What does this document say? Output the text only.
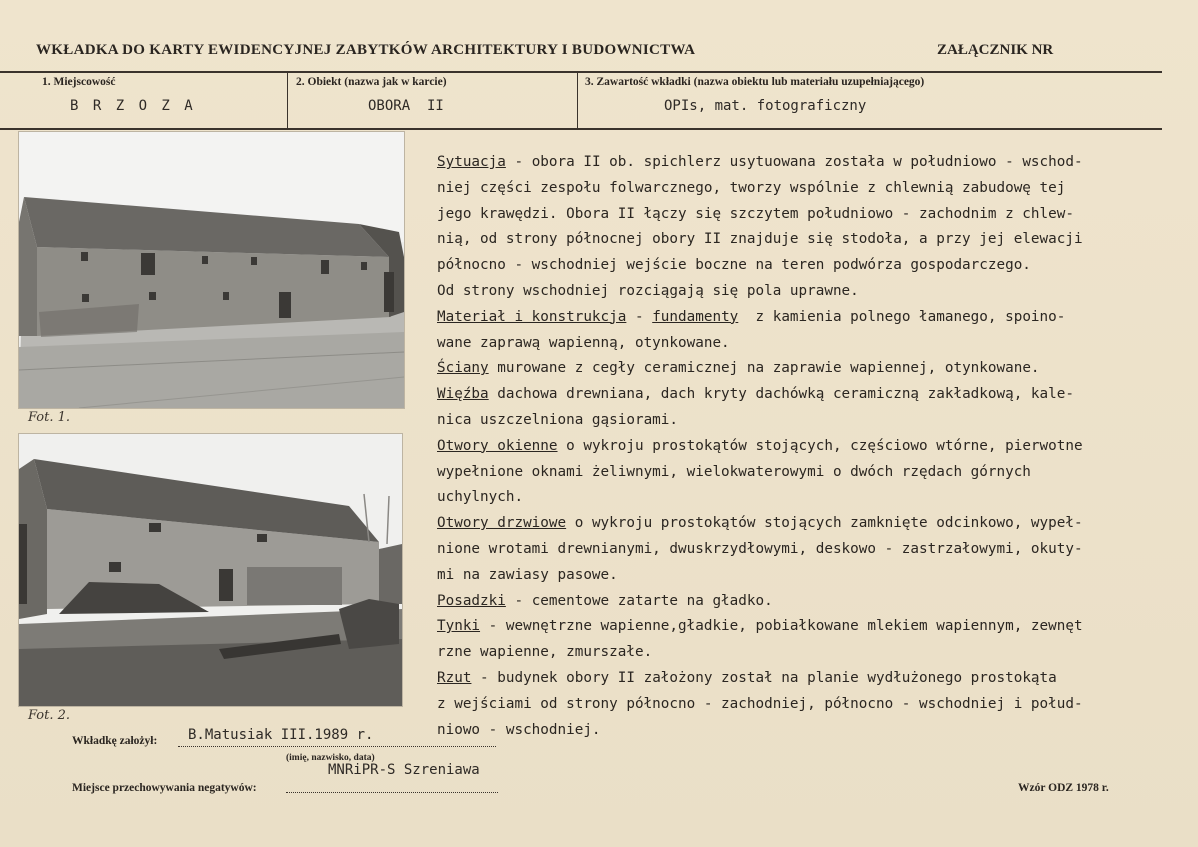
WKŁADKA DO KARTY EWIDENCYJNEJ ZABYTKÓW ARCHITEKTURY I BUDOWNICTWA	ZAŁĄCZNIK NR
1. Miejscowość
B R Z O Z A
2. Obiekt (nazwa jak w karcie)
OBORA  II
3. Zawartość wkładki (nazwa obiektu lub materiału uzupełniającego)
OPIs, mat. fotograficzny
Fot. 1.
Fot. 2.

Sytuacja - obora II ob. spichlerz usytuowana została w południowo - wschod-

niej części zespołu folwarcznego, tworzy wspólnie z chlewnią zabudowę tej

jego krawędzi. Obora II łączy się szczytem południowo - zachodnim z chlew-

nią, od strony północnej obory II znajduje się stodoła, a przy jej elewacji

północno - wschodniej wejście boczne na teren podwórza gospodarczego.

Od strony wschodniej rozciągają się pola uprawne.

Materiał i konstrukcja - fundamenty  z kamienia polnego łamanego, spoino-

wane zaprawą wapienną, otynkowane.

Ściany murowane z cegły ceramicznej na zaprawie wapiennej, otynkowane.

Więźba dachowa drewniana, dach kryty dachówką ceramiczną zakładkową, kale-

nica uszczelniona gąsiorami.

Otwory okienne o wykroju prostokątów stojących, częściowo wtórne, pierwotne

wypełnione oknami żeliwnymi, wielokwaterowymi o dwóch rzędach górnych

uchylnych.

Otwory drzwiowe o wykroju prostokątów stojących zamknięte odcinkowo, wypeł-

nione wrotami drewnianymi, dwuskrzydłowymi, deskowo - zastrzałowymi, okuty-

mi na zawiasy pasowe.

Posadzki - cementowe zatarte na gładko.

Tynki - wewnętrzne wapienne,gładkie, pobiałkowane mlekiem wapiennym, zewnęt

rzne wapienne, zmurszałe.

Rzut - budynek obory II założony został na planie wydłużonego prostokąta

z wejściami od strony północno - zachodniej, północno - wschodniej i połud-

niowo - wschodniej.

Wkładkę założył: B.Matusiak III.1989 r.
(imię, nazwisko, data)
MNRiPR-S Szreniawa
Miejsce przechowywania negatywów:	Wzór ODZ 1978 r.
